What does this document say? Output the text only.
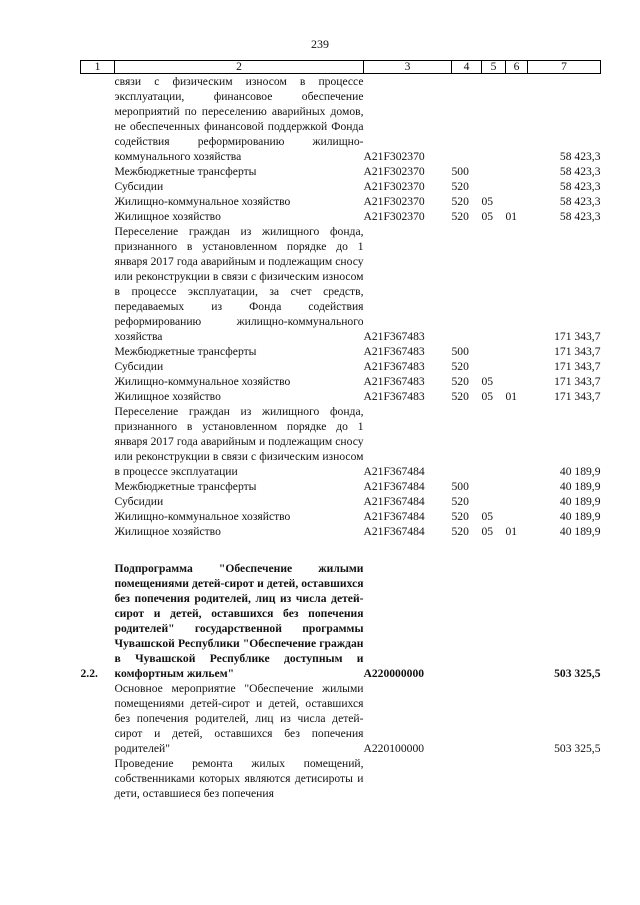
239
1	2	3	4	5	6	7
	связи с физическим износом в процессе эксплуатации, финансовое обеспечение мероприятий по переселению аварийных домов, не обеспеченных финансовой поддержкой Фонда содействия реформированию жилищно-коммунального хозяйства	A21F302370				58 423,3
	Межбюджетные трансферты	A21F302370	500			58 423,3
	Субсидии	A21F302370	520			58 423,3
	Жилищно-коммунальное хозяйство	A21F302370	520	05		58 423,3
	Жилищное хозяйство	A21F302370	520	05	01	58 423,3
	Переселение граждан из жилищного фонда, признанного в установленном порядке до 1 января 2017 года аварийным и подлежащим сносу или реконструкции в связи с физическим износом в процессе эксплуатации, за счет средств, передаваемых из Фонда содействия реформированию жилищно-коммунального хозяйства	A21F367483				171 343,7
	Межбюджетные трансферты	A21F367483	500			171 343,7
	Субсидии	A21F367483	520			171 343,7
	Жилищно-коммунальное хозяйство	A21F367483	520	05		171 343,7
	Жилищное хозяйство	A21F367483	520	05	01	171 343,7
	Переселение граждан из жилищного фонда, признанного в установленном порядке до 1 января 2017 года аварийным и подлежащим сносу или реконструкции в связи с физическим износом в процессе эксплуатации	A21F367484				40 189,9
	Межбюджетные трансферты	A21F367484	500			40 189,9
	Субсидии	A21F367484	520			40 189,9
	Жилищно-коммунальное хозяйство	A21F367484	520	05		40 189,9
	Жилищное хозяйство	A21F367484	520	05	01	40 189,9

2.2.	Подпрограмма "Обеспечение жилыми помещениями детей-сирот и детей, оставшихся без попечения родителей, лиц из числа детей-сирот и детей, оставшихся без попечения родителей" государственной программы Чувашской Республики "Обеспечение граждан в Чувашской Республике доступным и комфортным жильем"	A220000000				503 325,5
	Основное мероприятие "Обеспечение жилыми помещениями детей-сирот и детей, оставшихся без попечения родителей, лиц из числа детей-сирот и детей, оставшихся без попечения родителей"	A220100000				503 325,5
	Проведение ремонта жилых помещений, собственниками которых являются детисироты и дети, оставшиеся без попечения					
